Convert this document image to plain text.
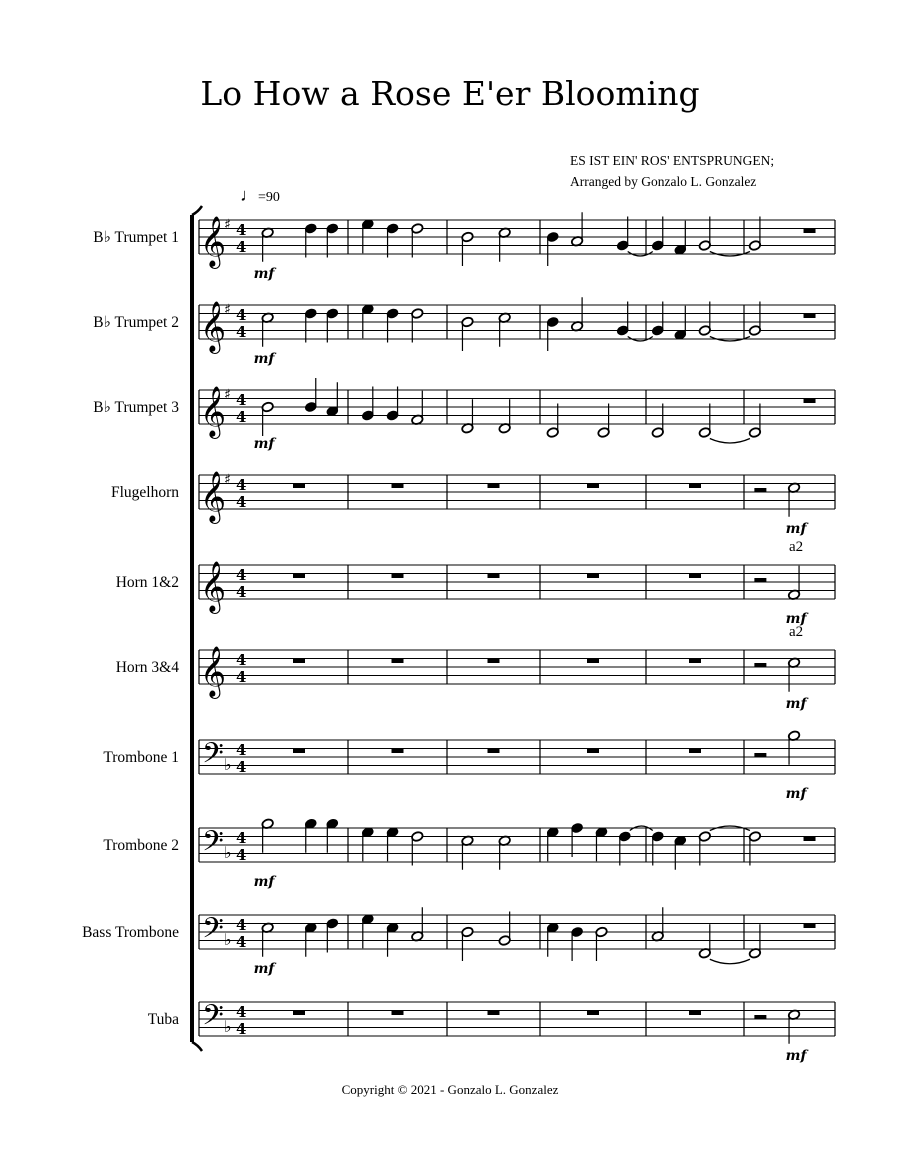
Lo How a Rose E'er Blooming
ES IST EIN' ROS' ENTSPRUNGEN;
Arranged by Gonzalo L. Gonzalez
♩=90
B♭ Trumpet 1 𝄞
♯ 4
4
mf
B♭ Trumpet 2 𝄞
♯ 4
4
mf
B♭ Trumpet 3 𝄞
♯ 4
4
mf
Flugelhorn 𝄞
♯ 4
4
mf
Horn 1&2 𝄞 4
4
mf
a2
Horn 3&4 𝄞 4
4
mf
a2
Trombone 1 𝄢 ♭
4
4
mf
Trombone 2 𝄢 ♭
4
4
mf
Bass Trombone 𝄢 ♭
4
4
mf
Tuba 𝄢 ♭
4
4
mf
Copyright © 2021 - Gonzalo L. Gonzalez
